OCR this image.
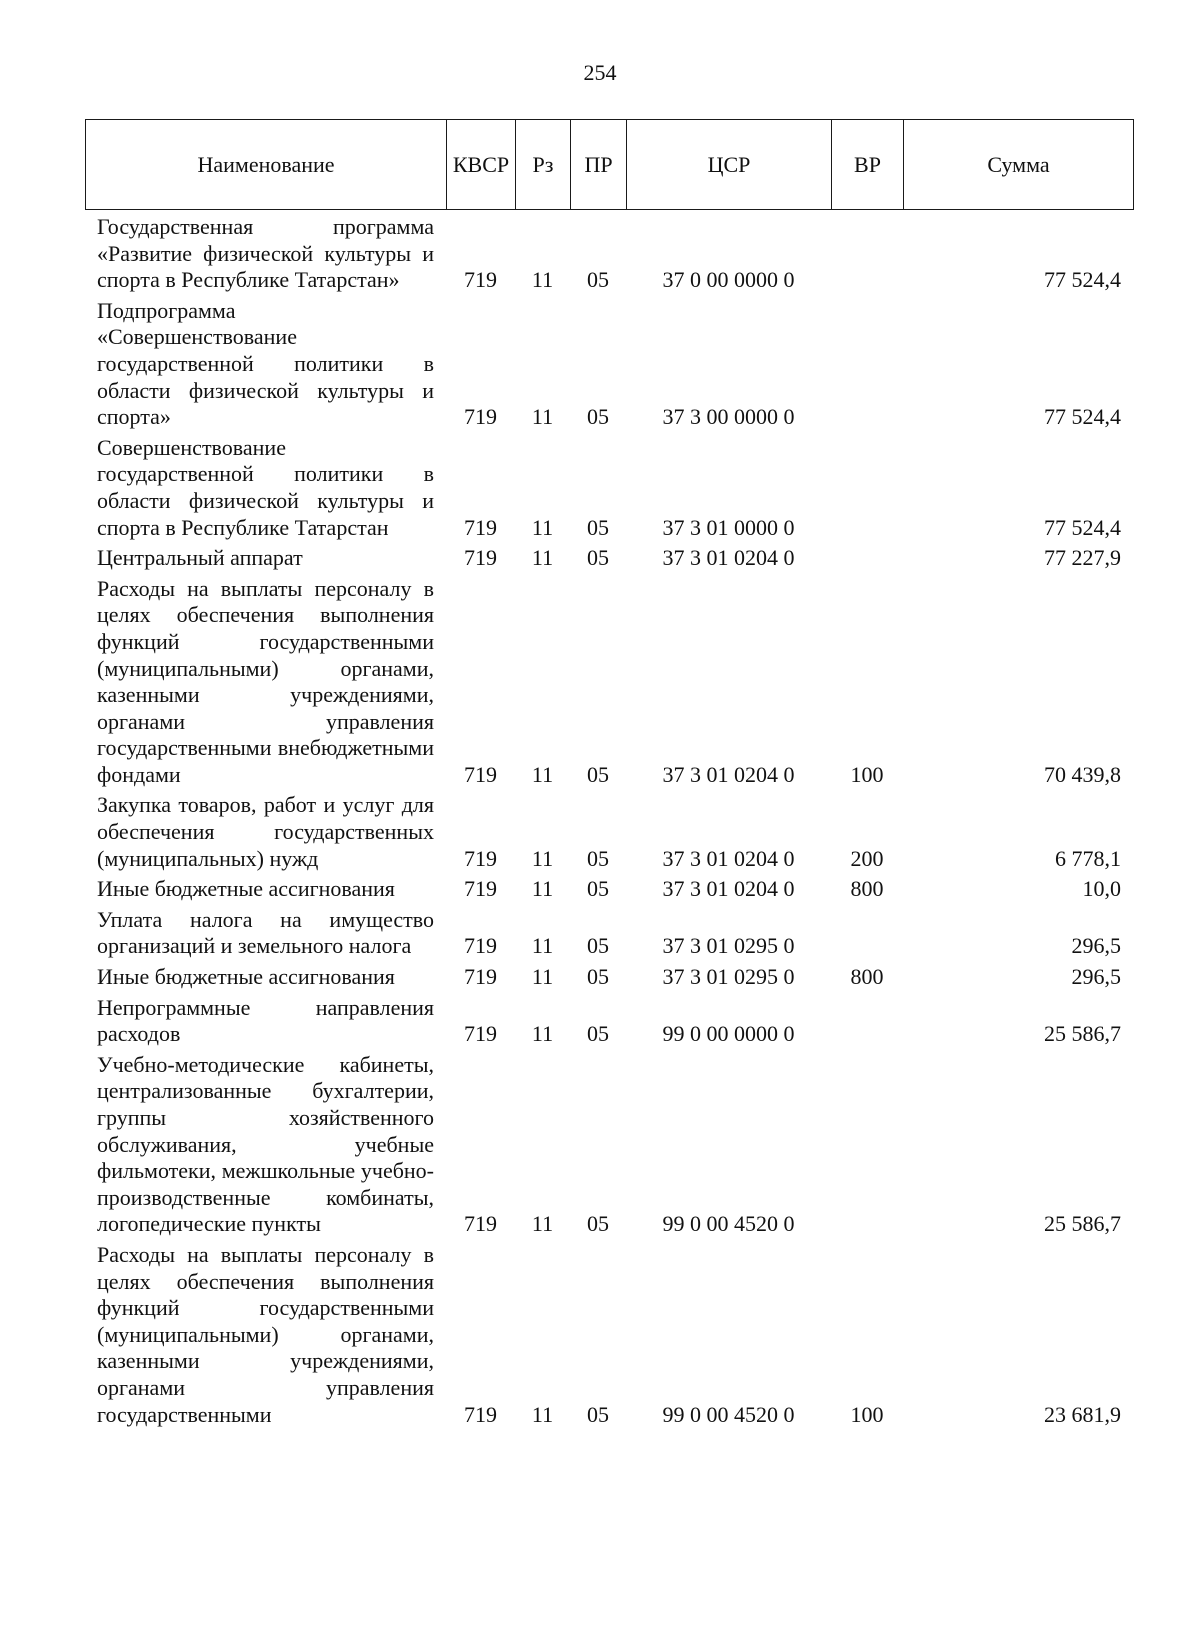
254
Наименование	КВСР	Рз	ПР	ЦСР	ВР	Сумма
Государственная программа «Развитие физической культуры и спорта в Республике Татарстан»	719	11	05	37 0 00 0000 0		77 524,4
Подпрограмма «Совершенствование государственной политики в области физической культуры и спорта»	719	11	05	37 3 00 0000 0		77 524,4
Совершенствование государственной политики в области физической культуры и спорта в Республике Татарстан	719	11	05	37 3 01 0000 0		77 524,4
Центральный аппарат	719	11	05	37 3 01 0204 0		77 227,9
Расходы на выплаты персоналу в целях обеспечения выполнения функций государственными (муниципальными) органами, казенными учреждениями, органами управления государственными внебюджетными фондами	719	11	05	37 3 01 0204 0	100	70 439,8
Закупка товаров, работ и услуг для обеспечения государственных (муниципальных) нужд	719	11	05	37 3 01 0204 0	200	6 778,1
Иные бюджетные ассигнования	719	11	05	37 3 01 0204 0	800	10,0
Уплата налога на имущество организаций и земельного налога	719	11	05	37 3 01 0295 0		296,5
Иные бюджетные ассигнования	719	11	05	37 3 01 0295 0	800	296,5
Непрограммные направления расходов	719	11	05	99 0 00 0000 0		25 586,7
Учебно-методические кабинеты, централизованные бухгалтерии, группы хозяйственного обслуживания, учебные фильмотеки, межшкольные учебно-производственные комбинаты, логопедические пункты	719	11	05	99 0 00 4520 0		25 586,7
Расходы на выплаты персоналу в целях обеспечения выполнения функций государственными (муниципальными) органами, казенными учреждениями, органами управления государственными	719	11	05	99 0 00 4520 0	100	23 681,9
